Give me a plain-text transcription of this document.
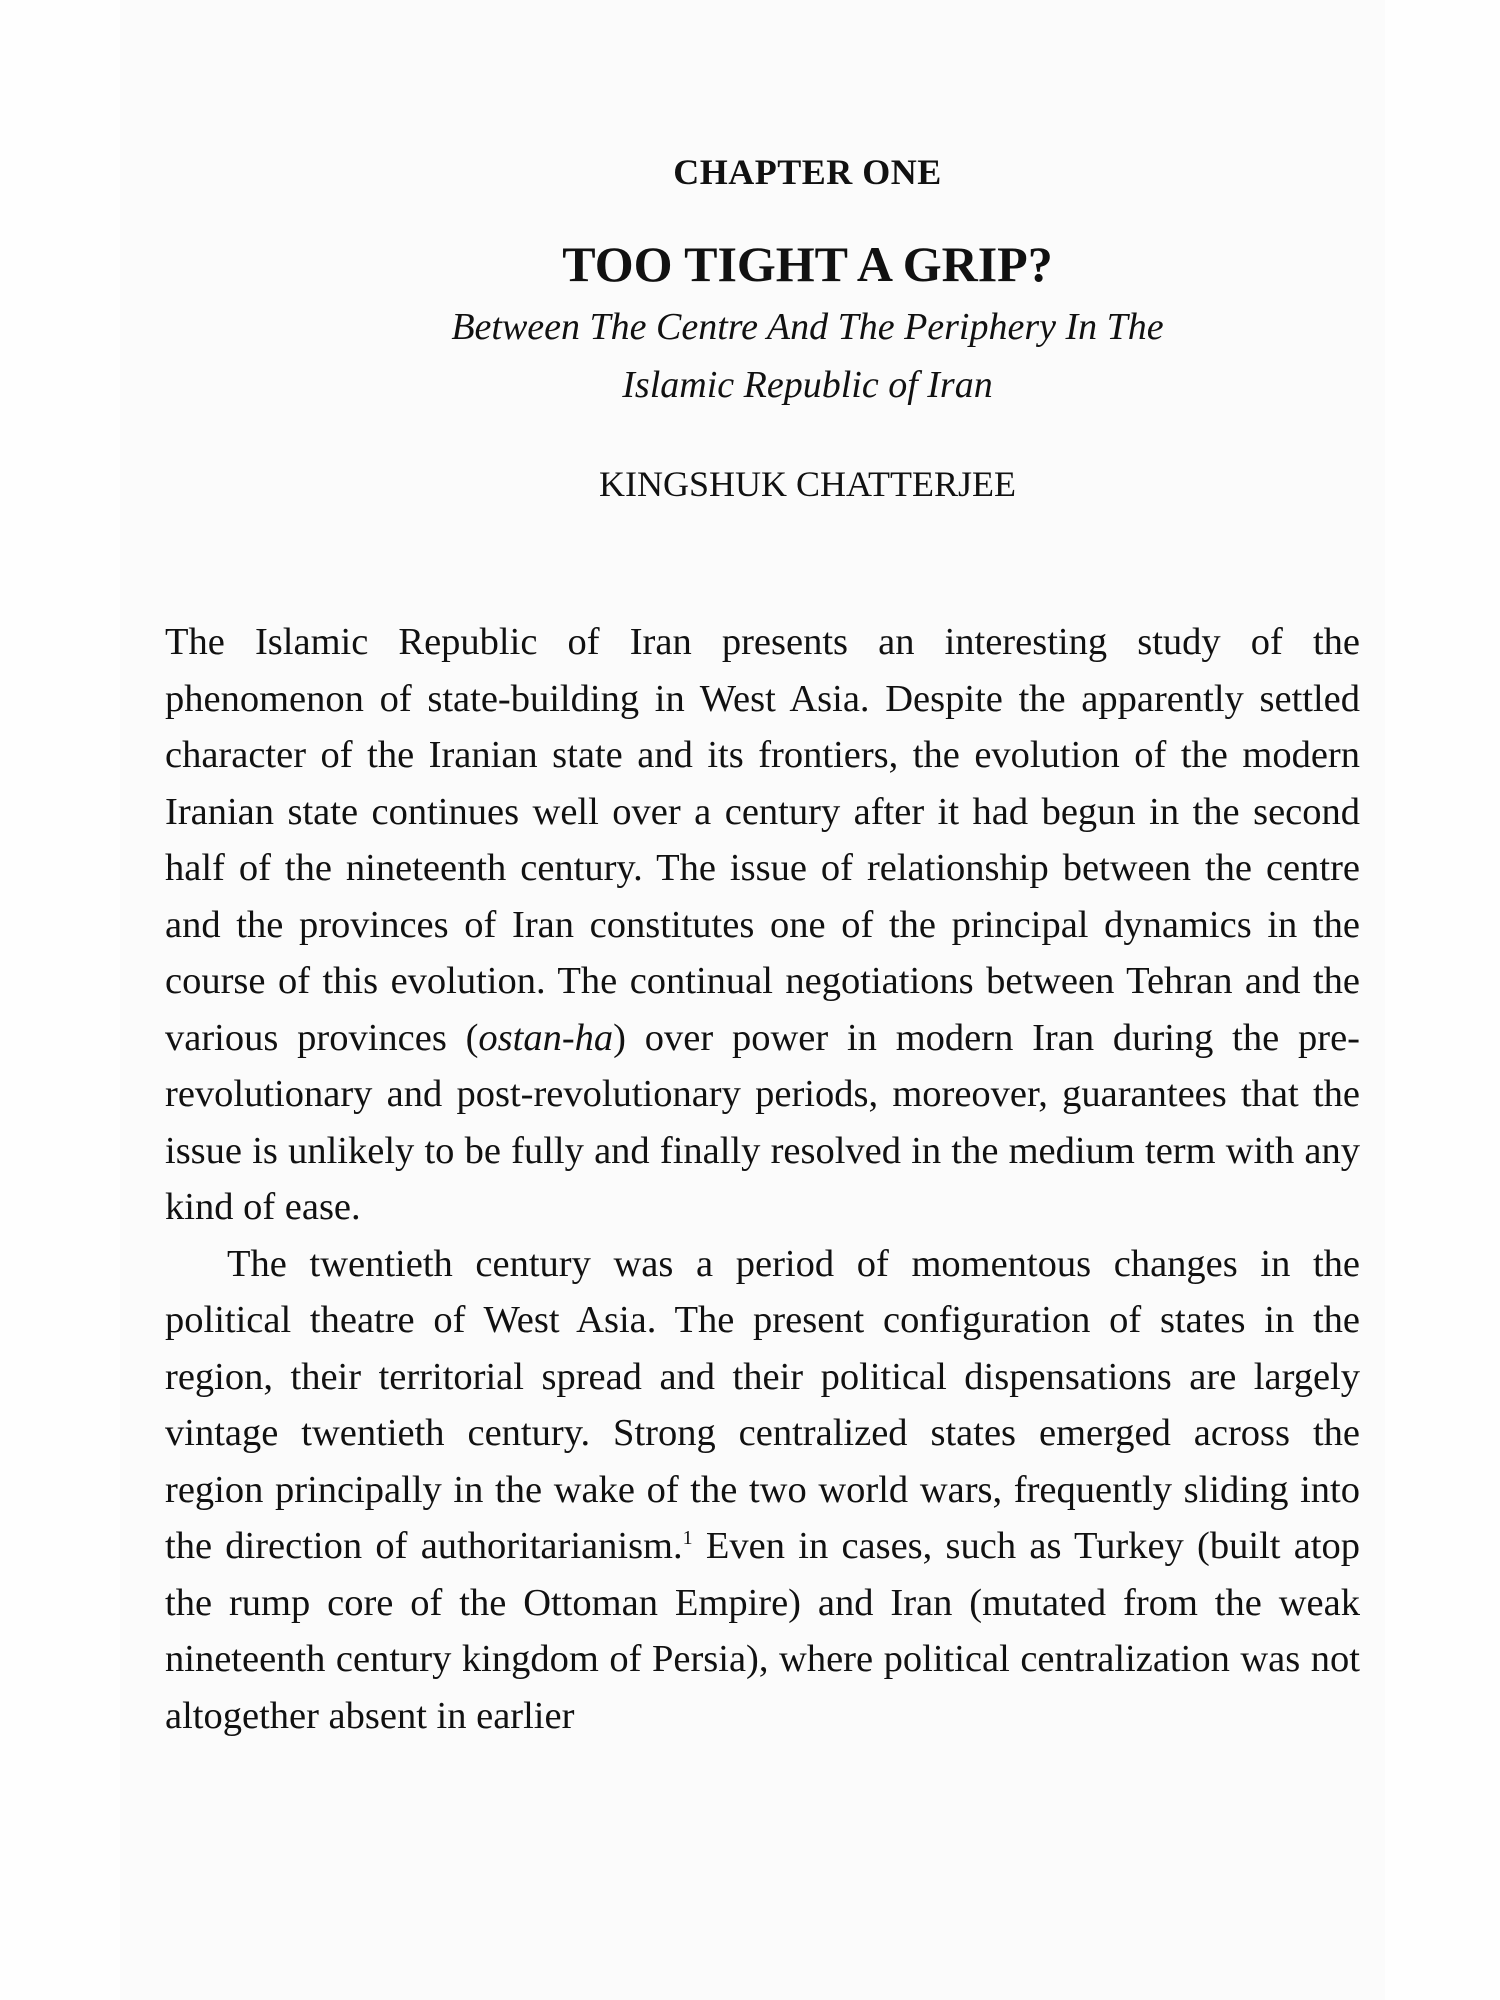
CHAPTER ONE
TOO TIGHT A GRIP?
Between The Centre And The Periphery In The
Islamic Republic of Iran
KINGSHUK CHATTERJEE

The Islamic Republic of Iran presents an interesting study of the phenomenon of state-building in West Asia. Despite the apparently settled character of the Iranian state and its frontiers, the evolution of the modern Iranian state continues well over a century after it had begun in the second half of the nineteenth century. The issue of relationship between the centre and the provinces of Iran constitutes one of the principal dynamics in the course of this evolution. The continual negotiations between Tehran and the various provinces (ostan-ha) over power in modern Iran during the pre-revolutionary and post-revolutionary periods, moreover, guarantees that the issue is unlikely to be fully and finally resolved in the medium term with any kind of ease.

The twentieth century was a period of momentous changes in the political theatre of West Asia. The present configuration of states in the region, their territorial spread and their political dispensations are largely vintage twentieth century. Strong centralized states emerged across the region principally in the wake of the two world wars, frequently sliding into the direction of authoritarianism.$^1$ Even in cases, such as Turkey (built atop the rump core of the Ottoman Empire) and Iran (mutated from the weak nineteenth century kingdom of Persia), where political centralization was not altogether absent in earlier
